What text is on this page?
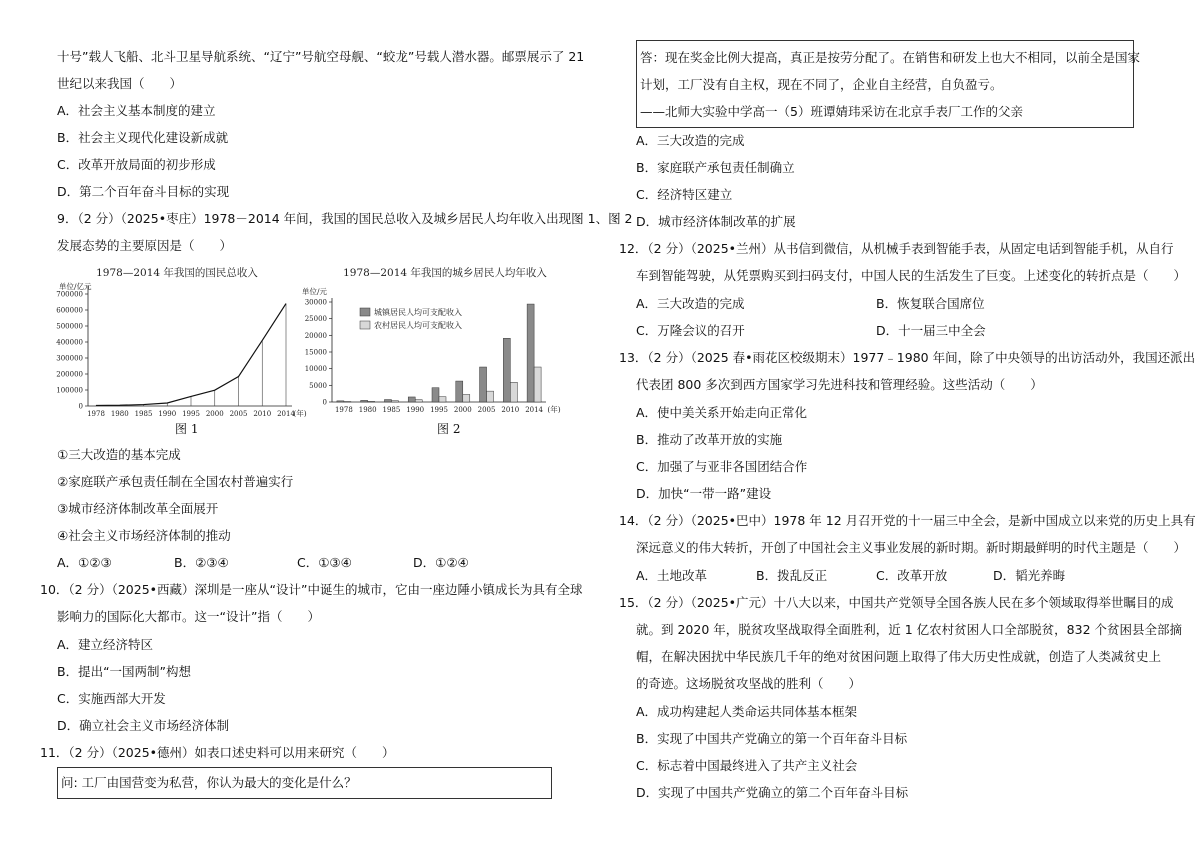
十号”载人飞船、北斗卫星导航系统、“辽宁”号航空母舰、“蛟龙”号载人潜水器。邮票展示了 21
世纪以来我国（　　）
A．社会主义基本制度的建立
B．社会主义现代化建设新成就
C．改革开放局面的初步形成
D．第二个百年奋斗目标的实现
9．（2 分）（2025•枣庄）1978－2014 年间，我国的国民总收入及城乡居民人均年收入出现图 1、图 2
发展态势的主要原因是（　　）
①三大改造的基本完成
②家庭联产承包责任制在全国农村普遍实行
③城市经济体制改革全面展开
④社会主义市场经济体制的推动
A．①②③	B．②③④	C．①③④	D．①②④
10．（2 分）（2025•西藏）深圳是一座从“设计”中诞生的城市，它由一座边陲小镇成长为具有全球
影响力的国际化大都市。这一“设计”指（　　）
A．建立经济特区
B．提出“一国两制”构想
C．实施西部大开发
D．确立社会主义市场经济体制
11．（2 分）（2025•德州）如表口述史料可以用来研究（　　）
问: 工厂由国营变为私营，你认为最大的变化是什么？
1978—2014 年我国的国民总收入
单位/亿元
0
100000
200000
300000
400000
500000
600000
700000
1978 1980 1985 1990 1995 2000 2005 2010 2014
(年)
图 1
1978—2014 年我国的城乡居民人均年收入
单位/元
0
5000
10000
15000
20000
25000
30000
1978 1980 1985 1990 1995 2000 2005 2010 2014 (年)
城镇居民人均可支配收入
农村居民人均可支配收入
图 2
答：现在奖金比例大提高，真正是按劳分配了。在销售和研发上也大不相同，以前全是国家
计划，工厂没有自主权，现在不同了，企业自主经营，自负盈亏。
——北师大实验中学高一（5）班谭婧玮采访在北京手表厂工作的父亲
A．三大改造的完成
B．家庭联产承包责任制确立
C．经济特区建立
D．城市经济体制改革的扩展
12．（2 分）（2025•兰州）从书信到微信，从机械手表到智能手表，从固定电话到智能手机，从自行
车到智能驾驶，从凭票购买到扫码支付，中国人民的生活发生了巨变。上述变化的转折点是（　　）
A．三大改造的完成	B．恢复联合国席位
C．万隆会议的召开	D．十一届三中全会
13．（2 分）（2025 春•雨花区校级期末）1977﹣1980 年间，除了中央领导的出访活动外，我国还派出
代表团 800 多次到西方国家学习先进科技和管理经验。这些活动（　　）
A．使中美关系开始走向正常化
B．推动了改革开放的实施
C．加强了与亚非各国团结合作
D．加快“一带一路”建设
14．（2 分）（2025•巴中）1978 年 12 月召开党的十一届三中全会，是新中国成立以来党的历史上具有
深远意义的伟大转折，开创了中国社会主义事业发展的新时期。新时期最鲜明的时代主题是（　　）
A．土地改革	B．拨乱反正	C．改革开放	D．韬光养晦
15．（2 分）（2025•广元）十八大以来，中国共产党领导全国各族人民在多个领域取得举世瞩目的成
就。到 2020 年，脱贫攻坚战取得全面胜利，近 1 亿农村贫困人口全部脱贫，832 个贫困县全部摘
帽，在解决困扰中华民族几千年的绝对贫困问题上取得了伟大历史性成就，创造了人类减贫史上
的奇迹。这场脱贫攻坚战的胜利（　　）
A．成功构建起人类命运共同体基本框架
B．实现了中国共产党确立的第一个百年奋斗目标
C．标志着中国最终进入了共产主义社会
D．实现了中国共产党确立的第二个百年奋斗目标
